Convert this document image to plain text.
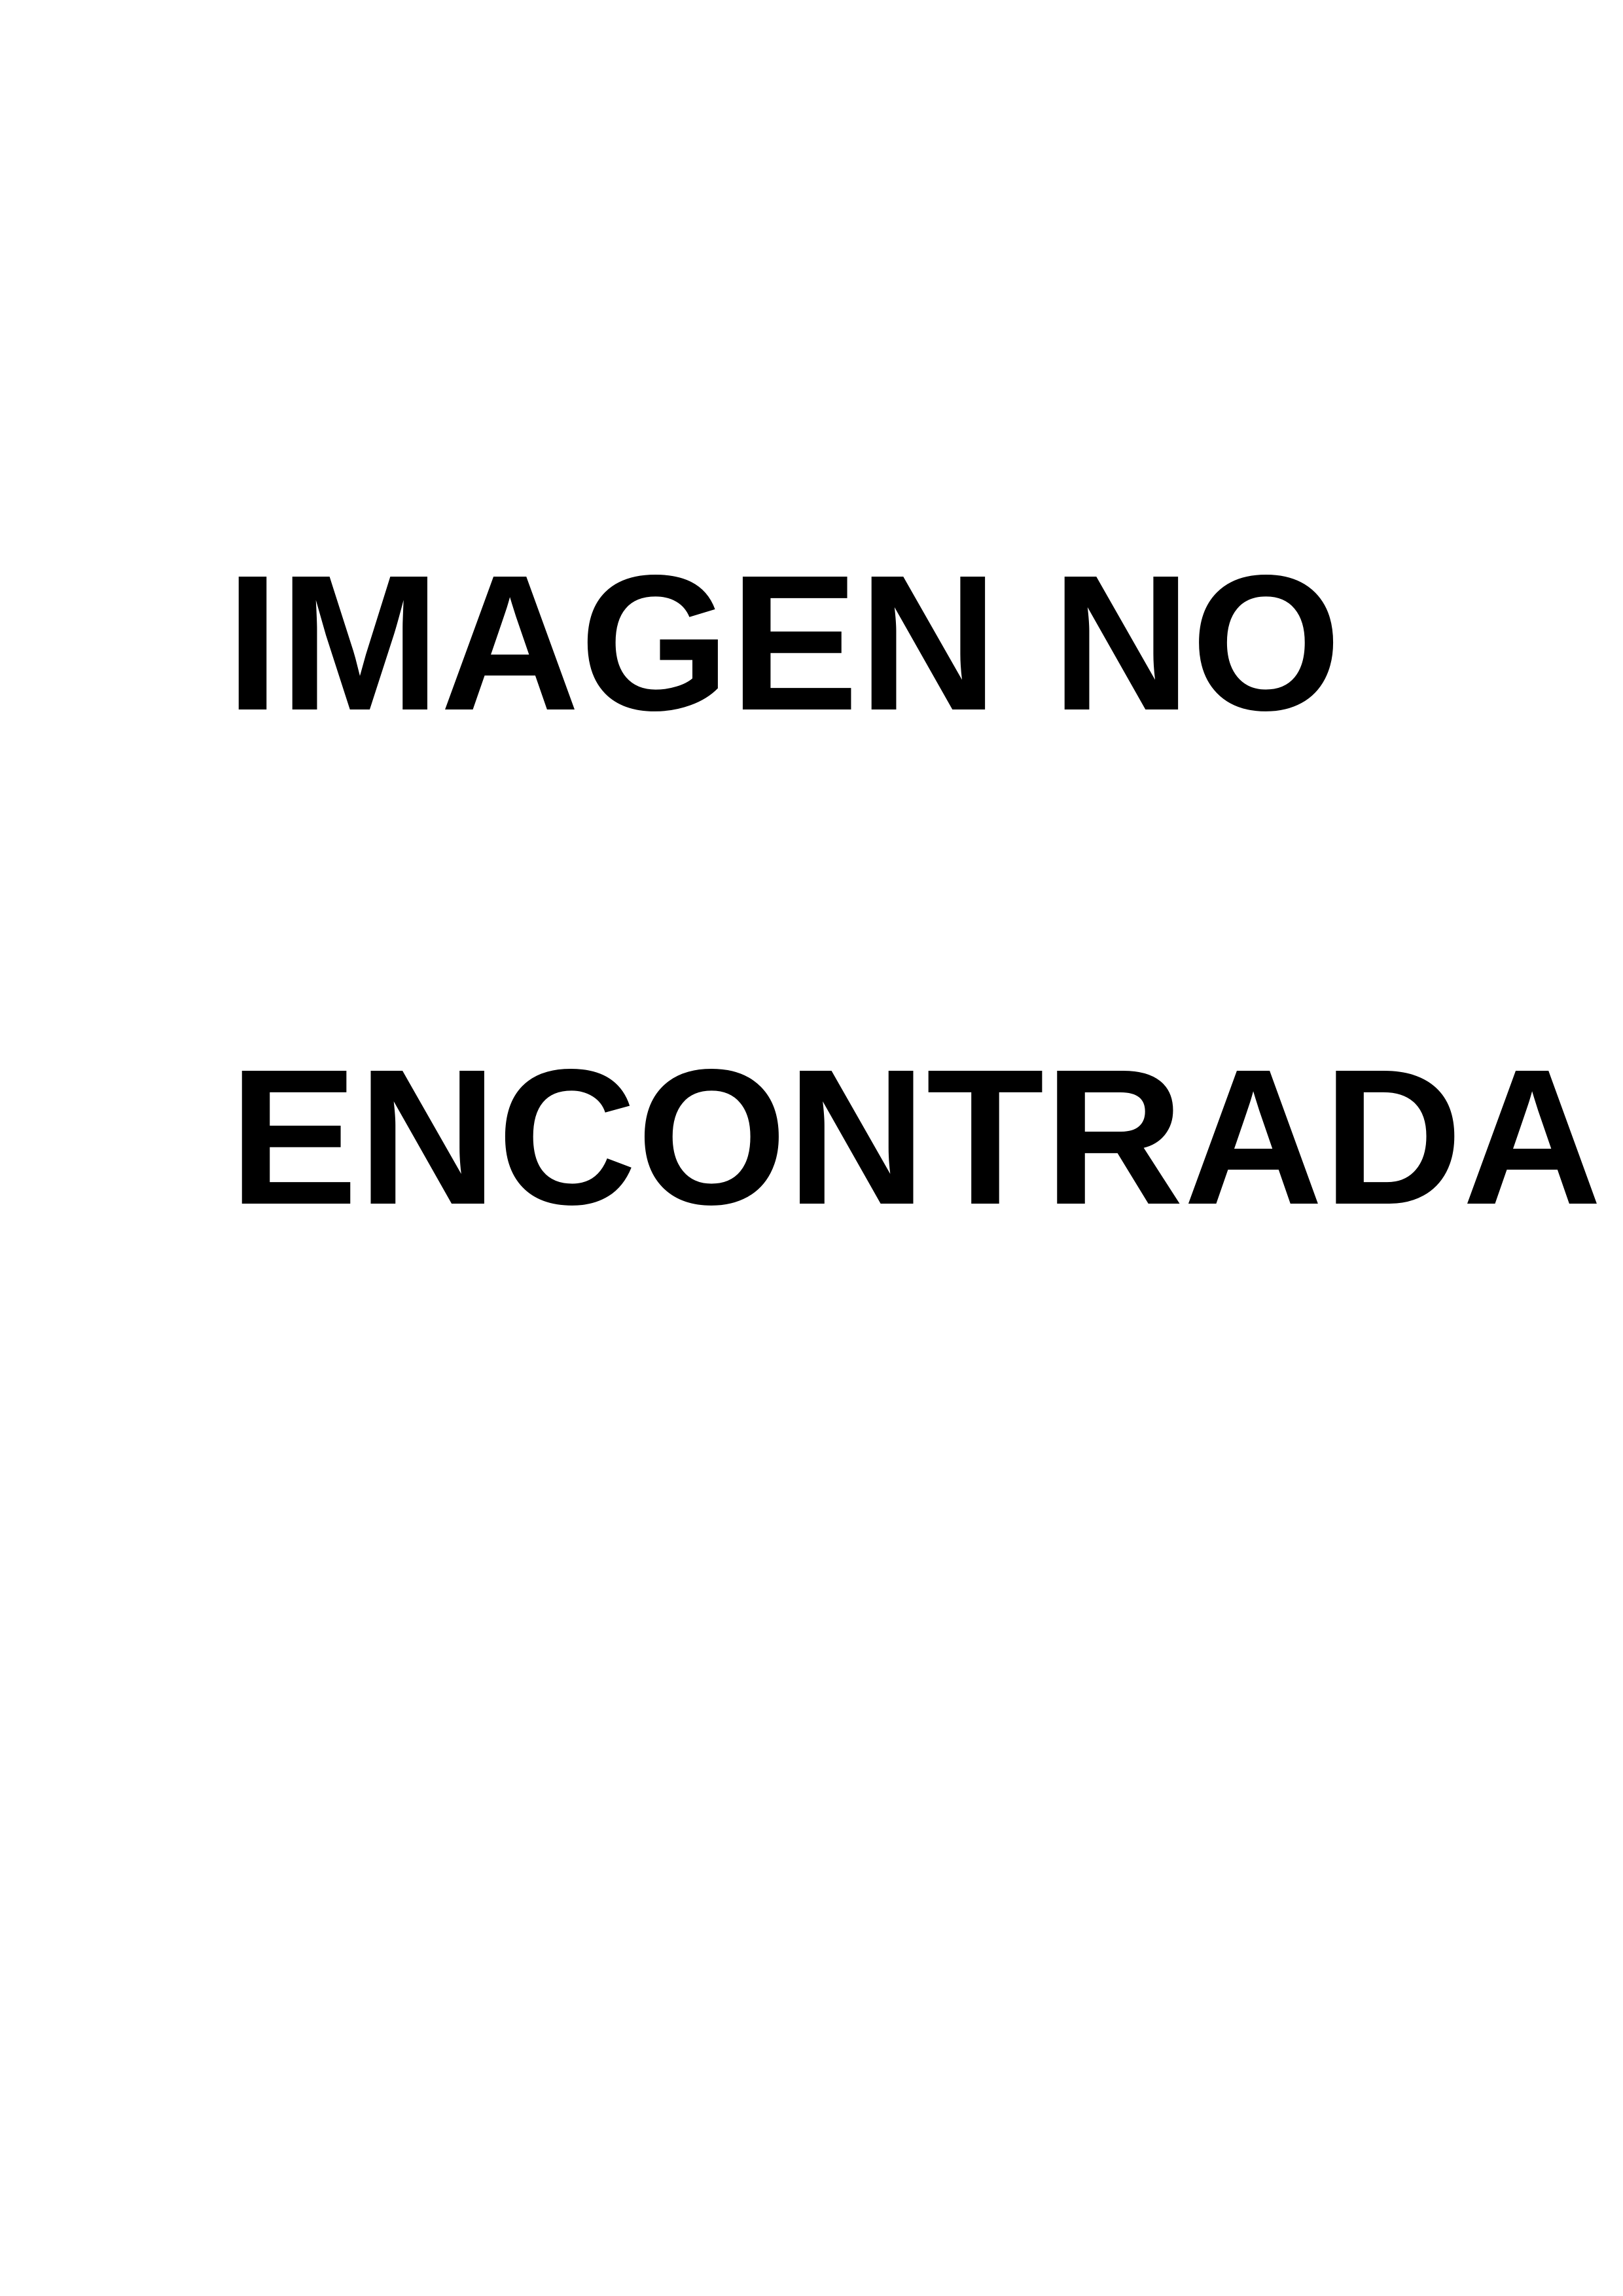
IMAGEN NO

ENCONTRADA
